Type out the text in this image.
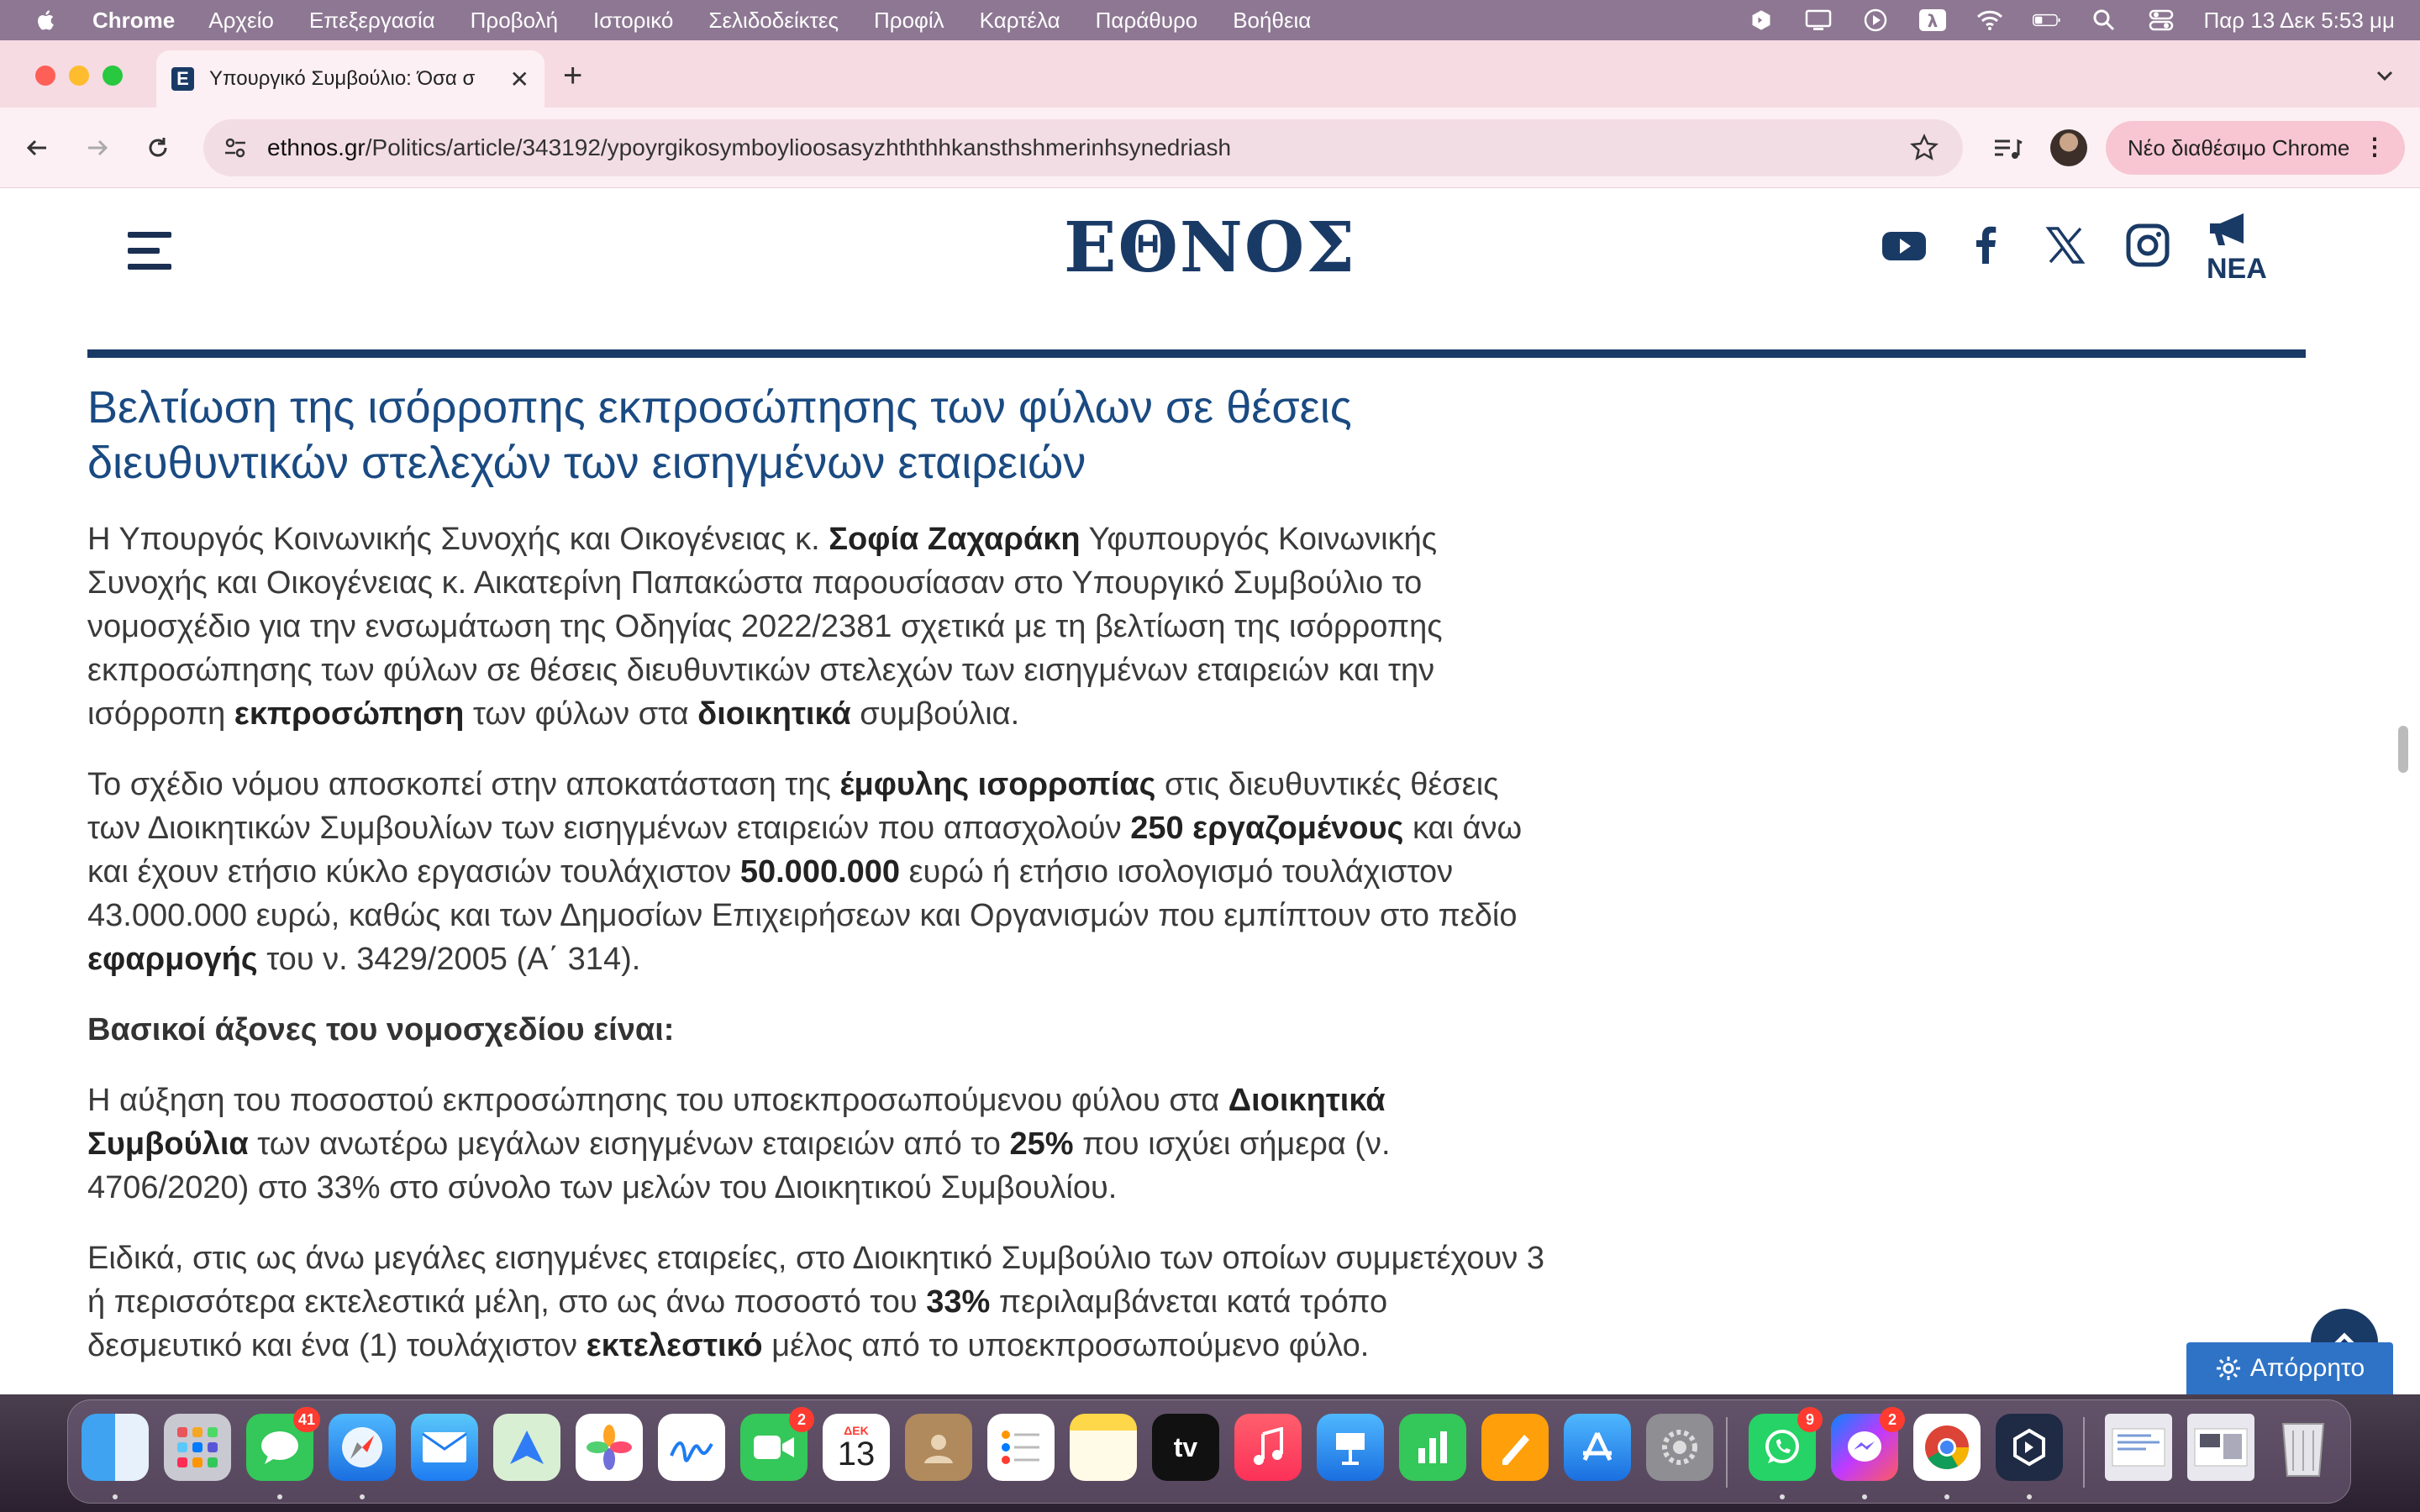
Chrome Αρχείο Επεξεργασία Προβολή Ιστορικό Σελιδοδείκτες Προφίλ Καρτέλα Παράθυρο Βοήθεια	λ	Παρ 13 Δεκ 5:53 μμ
Ε Υπουργικό Συμβούλιο: Όσα σ	✕ +
ethnos.gr/Politics/article/343192/ypoyrgikosymboylioosasyzhththhkansthshmerinhsynedriash	Νέο διαθέσιμο Chrome ⋮
ΕΘΝΟΣ	NEA
Βελτίωση της ισόρροπης εκπροσώπησης των φύλων σε θέσεις διευθυντικών στελεχών των εισηγμένων εταιρειών

Η Υπουργός Κοινωνικής Συνοχής και Οικογένειας κ. Σοφία Ζαχαράκη Υφυπουργός Κοινωνικής Συνοχής και Οικογένειας κ. Αικατερίνη Παπακώστα παρουσίασαν στο Υπουργικό Συμβούλιο το νομοσχέδιο για την ενσωμάτωση της Οδηγίας 2022/2381 σχετικά με τη βελτίωση της ισόρροπης εκπροσώπησης των φύλων σε θέσεις διευθυντικών στελεχών των εισηγμένων εταιρειών και την ισόρροπη εκπροσώπηση των φύλων στα διοικητικά συμβούλια.

Το σχέδιο νόμου αποσκοπεί στην αποκατάσταση της έμφυλης ισορροπίας στις διευθυντικές θέσεις των Διοικητικών Συμβουλίων των εισηγμένων εταιρειών που απασχολούν 250 εργαζομένους και άνω και έχουν ετήσιο κύκλο εργασιών τουλάχιστον 50.000.000 ευρώ ή ετήσιο ισολογισμό τουλάχιστον 43.000.000 ευρώ, καθώς και των Δημοσίων Επιχειρήσεων και Οργανισμών που εμπίπτουν στο πεδίο εφαρμογής του ν. 3429/2005 (Α΄ 314).

Βασικοί άξονες του νομοσχεδίου είναι:

Η αύξηση του ποσοστού εκπροσώπησης του υποεκπροσωπούμενου φύλου στα Διοικητικά Συμβούλια των ανωτέρω μεγάλων εισηγμένων εταιρειών από το 25% που ισχύει σήμερα (ν. 4706/2020) στο 33% στο σύνολο των μελών του Διοικητικού Συμβουλίου.

Ειδικά, στις ως άνω μεγάλες εισηγμένες εταιρείες, στο Διοικητικό Συμβούλιο των οποίων συμμετέχουν 3 ή περισσότερα εκτελεστικά μέλη, στο ως άνω ποσοστό του 33% περιλαμβάνεται κατά τρόπο δεσμευτικό και ένα (1) τουλάχιστον εκτελεστικό μέλος από το υποεκπροσωπούμενο φύλο.

Απόρρητο
41	2
ΔΕΚ
13	tv
9	2
